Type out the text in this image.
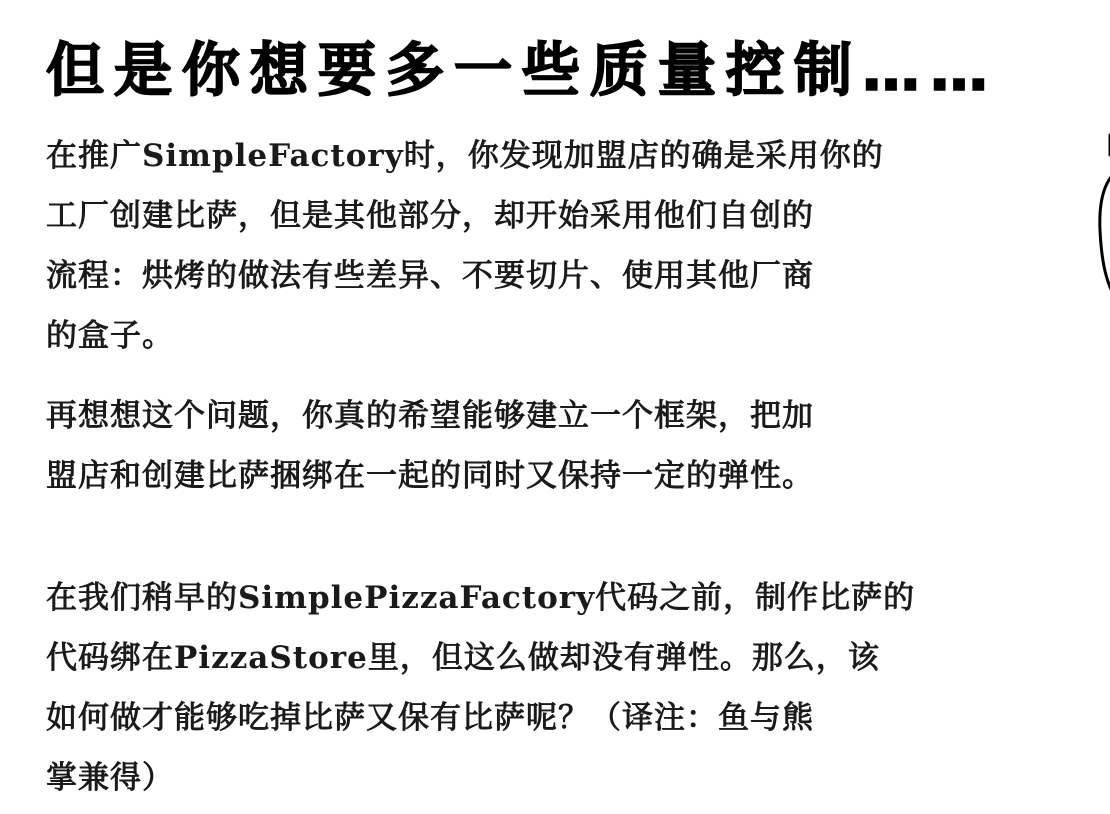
但是你想要多一些质量控制……
在推广SimpleFactory时，你发现加盟店的确是采用你的
工厂创建比萨，但是其他部分，却开始采用他们自创的
流程：烘烤的做法有些差异、不要切片、使用其他厂商
的盒子。
再想想这个问题，你真的希望能够建立一个框架，把加
盟店和创建比萨捆绑在一起的同时又保持一定的弹性。
在我们稍早的SimplePizzaFactory代码之前，制作比萨的
代码绑在PizzaStore里，但这么做却没有弹性。那么，该
如何做才能够吃掉比萨又保有比萨呢？（译注：鱼与熊
掌兼得）
